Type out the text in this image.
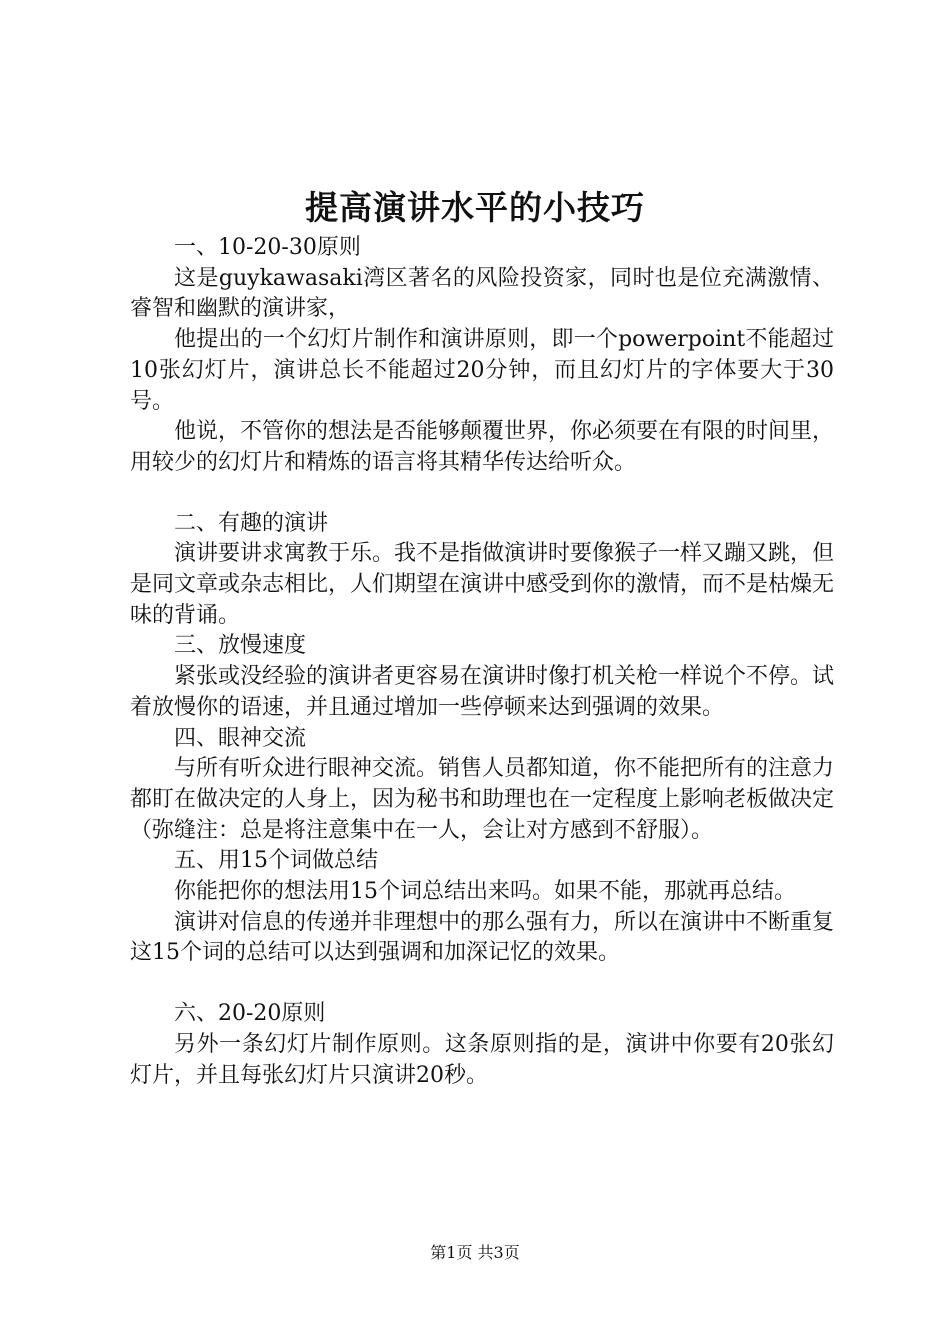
提高演讲水平的小技巧
一、10-20-30原则

这是guykawasaki湾区著名的风险投资家，同时也是位充满激情、睿智和幽默的演讲家，

他提出的一个幻灯片制作和演讲原则，即一个powerpoint不能超过10张幻灯片，演讲总长不能超过20分钟，而且幻灯片的字体要大于30号。

他说，不管你的想法是否能够颠覆世界，你必须要在有限的时间里，用较少的幻灯片和精炼的语言将其精华传达给听众。

二、有趣的演讲

演讲要讲求寓教于乐。我不是指做演讲时要像猴子一样又蹦又跳，但是同文章或杂志相比，人们期望在演讲中感受到你的激情，而不是枯燥无味的背诵。

三、放慢速度

紧张或没经验的演讲者更容易在演讲时像打机关枪一样说个不停。试着放慢你的语速，并且通过增加一些停顿来达到强调的效果。

四、眼神交流

与所有听众进行眼神交流。销售人员都知道，你不能把所有的注意力都盯在做决定的人身上，因为秘书和助理也在一定程度上影响老板做决定（弥缝注：总是将注意集中在一人，会让对方感到不舒服）。

五、用15个词做总结

你能把你的想法用15个词总结出来吗。如果不能，那就再总结。

演讲对信息的传递并非理想中的那么强有力，所以在演讲中不断重复这15个词的总结可以达到强调和加深记忆的效果。

六、20-20原则

另外一条幻灯片制作原则。这条原则指的是，演讲中你要有20张幻灯片，并且每张幻灯片只演讲20秒。

第1页 共3页
